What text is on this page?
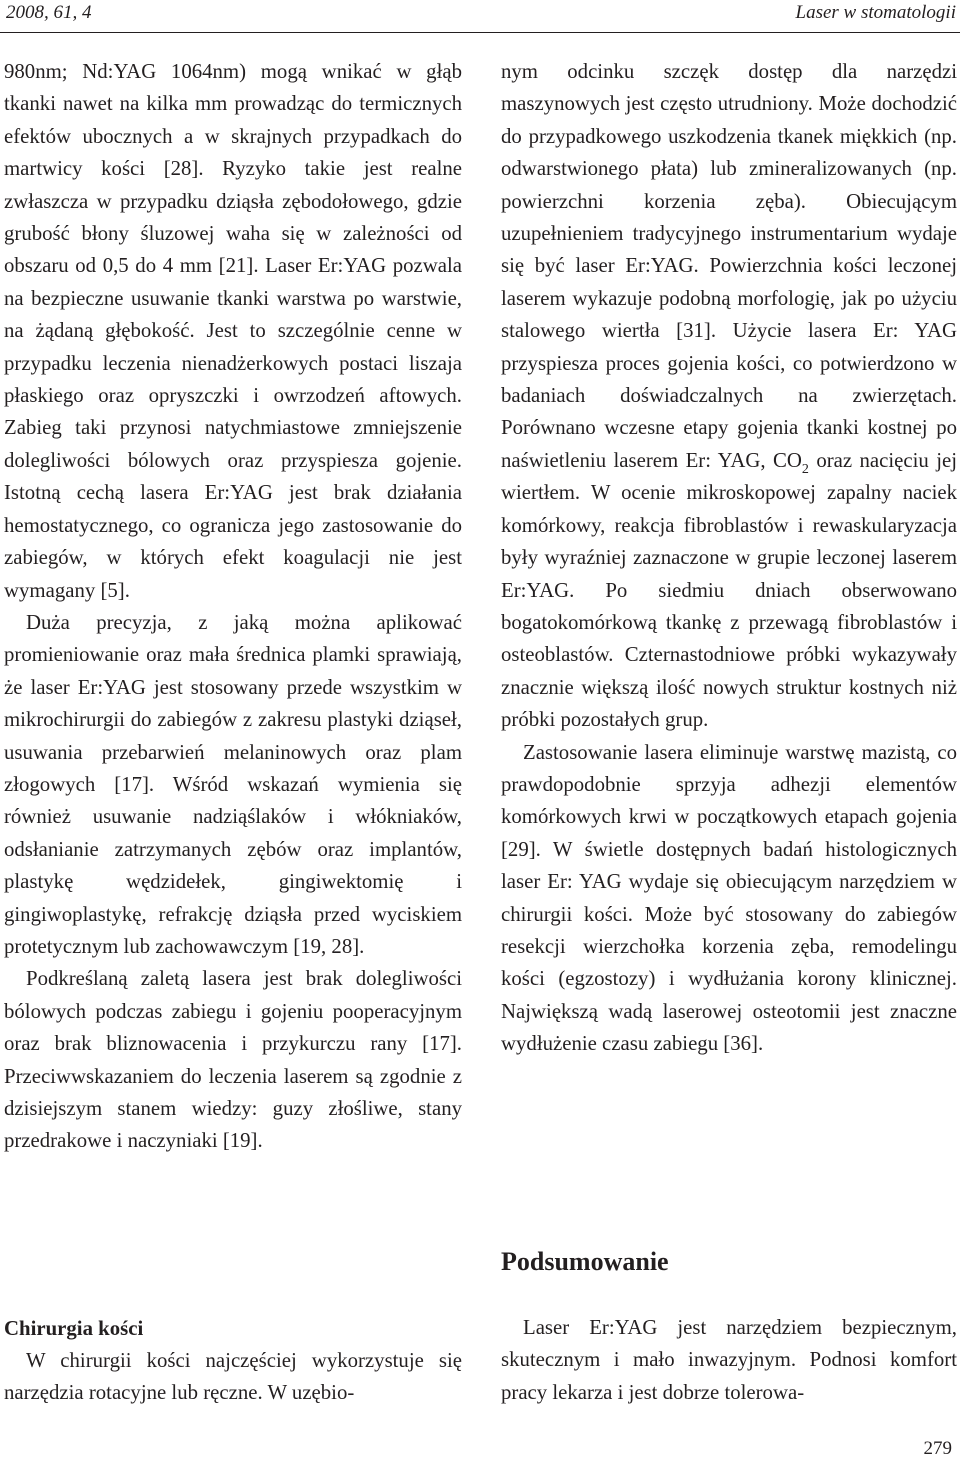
2008, 61, 4	Laser w stomatologii

980nm; Nd:YAG 1064nm) mogą wnikać w głąb tkanki nawet na kilka mm prowadząc do termicznych efektów ubocznych a w skrajnych przypadkach do martwicy kości [28]. Ryzyko takie jest realne zwłaszcza w przypadku dziąsła zębodołowego, gdzie grubość błony śluzowej waha się w zależności od obszaru od 0,5 do 4 mm [21]. Laser Er:YAG pozwala na bezpieczne usuwanie tkanki warstwa po warstwie, na żądaną głębokość. Jest to szczególnie cenne w przypadku leczenia nienadżerkowych postaci liszaja płaskiego oraz opryszczki i owrzodzeń aftowych. Zabieg taki przynosi natychmiastowe zmniejszenie dolegliwości bólowych oraz przyspiesza gojenie. Istotną cechą lasera Er:YAG jest brak działania hemostatycznego, co ogranicza jego zastosowanie do zabiegów, w których efekt koagulacji nie jest wymagany [5].

Duża precyzja, z jaką można aplikować promieniowanie oraz mała średnica plamki sprawiają, że laser Er:YAG jest stosowany przede wszystkim w mikrochirurgii do zabiegów z zakresu plastyki dziąseł, usuwania przebarwień melaninowych oraz plam złogowych [17]. Wśród wskazań wymienia się również usuwanie nadziąślaków i włókniaków, odsłanianie zatrzymanych zębów oraz implantów, plastykę wędzidełek, gingiwektomię i gingiwoplastykę, refrakcję dziąsła przed wyciskiem protetycznym lub zachowawczym [19, 28].

Podkreślaną zaletą lasera jest brak dolegliwości bólowych podczas zabiegu i gojeniu pooperacyjnym oraz brak bliznowacenia i przykurczu rany [17]. Przeciwwskazaniem do leczenia laserem są zgodnie z dzisiejszym stanem wiedzy: guzy złośliwe, stany przedrakowe i naczyniaki [19].

Chirurgia kości

W chirurgii kości najczęściej wykorzystuje się narzędzia rotacyjne lub ręczne. W uzębio-

nym odcinku szczęk dostęp dla narzędzi maszynowych jest często utrudniony. Może dochodzić do przypadkowego uszkodzenia tkanek miękkich (np. odwarstwionego płata) lub zmineralizowanych (np. powierzchni korzenia zęba). Obiecującym uzupełnieniem tradycyjnego instrumentarium wydaje się być laser Er:YAG. Powierzchnia kości leczonej laserem wykazuje podobną morfologię, jak po użyciu stalowego wiertła [31]. Użycie lasera Er: YAG przyspiesza proces gojenia kości, co potwierdzono w badaniach doświadczalnych na zwierzętach. Porównano wczesne etapy gojenia tkanki kostnej po naświetleniu laserem Er: YAG, $CO_2$ oraz nacięciu jej wiertłem. W ocenie mikroskopowej zapalny naciek komórkowy, reakcja fibroblastów i rewaskularyzacja były wyraźniej zaznaczone w grupie leczonej laserem Er:YAG. Po siedmiu dniach obserwowano bogatokomórkową tkankę z przewagą fibroblastów i osteoblastów. Czternastodniowe próbki wykazywały znacznie większą ilość nowych struktur kostnych niż próbki pozostałych grup.

Zastosowanie lasera eliminuje warstwę mazistą, co prawdopodobnie sprzyja adhezji elementów komórkowych krwi w początkowych etapach gojenia [29]. W świetle dostępnych badań histologicznych laser Er: YAG wydaje się obiecującym narzędziem w chirurgii kości. Może być stosowany do zabiegów resekcji wierzchołka korzenia zęba, remodelingu kości (egzostozy) i wydłużania korony klinicznej. Największą wadą laserowej osteotomii jest znaczne wydłużenie czasu zabiegu [36].

Podsumowanie

Laser Er:YAG jest narzędziem bezpiecznym, skutecznym i mało inwazyjnym. Podnosi komfort pracy lekarza i jest dobrze tolerowa-

279
